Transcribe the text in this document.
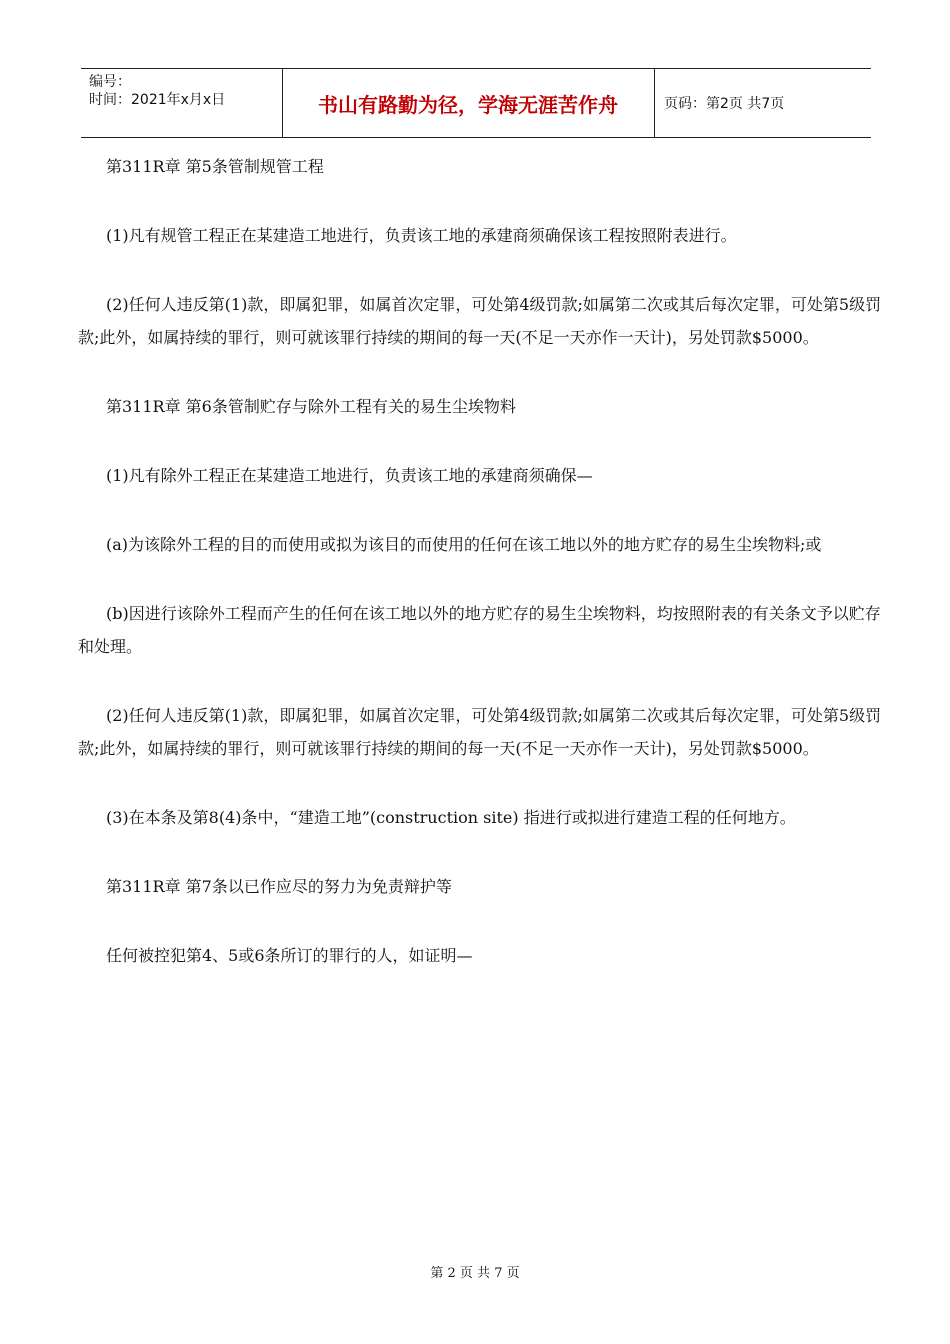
编号：
时间：2021年x月x日	书山有路勤为径，学海无涯苦作舟	页码：第2页 共7页

第311R章 第5条管制规管工程

(1)凡有规管工程正在某建造工地进行，负责该工地的承建商须确保该工程按照附表进行。

(2)任何人违反第(1)款，即属犯罪，如属首次定罪，可处第4级罚款;如属第二次或其后每次定罪，可处第5级罚款;此外，如属持续的罪行，则可就该罪行持续的期间的每一天(不足一天亦作一天计)，另处罚款$5000。

第311R章 第6条管制贮存与除外工程有关的易生尘埃物料

(1)凡有除外工程正在某建造工地进行，负责该工地的承建商须确保—

(a)为该除外工程的目的而使用或拟为该目的而使用的任何在该工地以外的地方贮存的易生尘埃物料;或

(b)因进行该除外工程而产生的任何在该工地以外的地方贮存的易生尘埃物料，均按照附表的有关条文予以贮存和处理。

(2)任何人违反第(1)款，即属犯罪，如属首次定罪，可处第4级罚款;如属第二次或其后每次定罪，可处第5级罚款;此外，如属持续的罪行，则可就该罪行持续的期间的每一天(不足一天亦作一天计)，另处罚款$5000。

(3)在本条及第8(4)条中，“建造工地”(construction site) 指进行或拟进行建造工程的任何地方。

第311R章 第7条以已作应尽的努力为免责辩护等

任何被控犯第4、5或6条所订的罪行的人，如证明—

第 2 页 共 7 页
